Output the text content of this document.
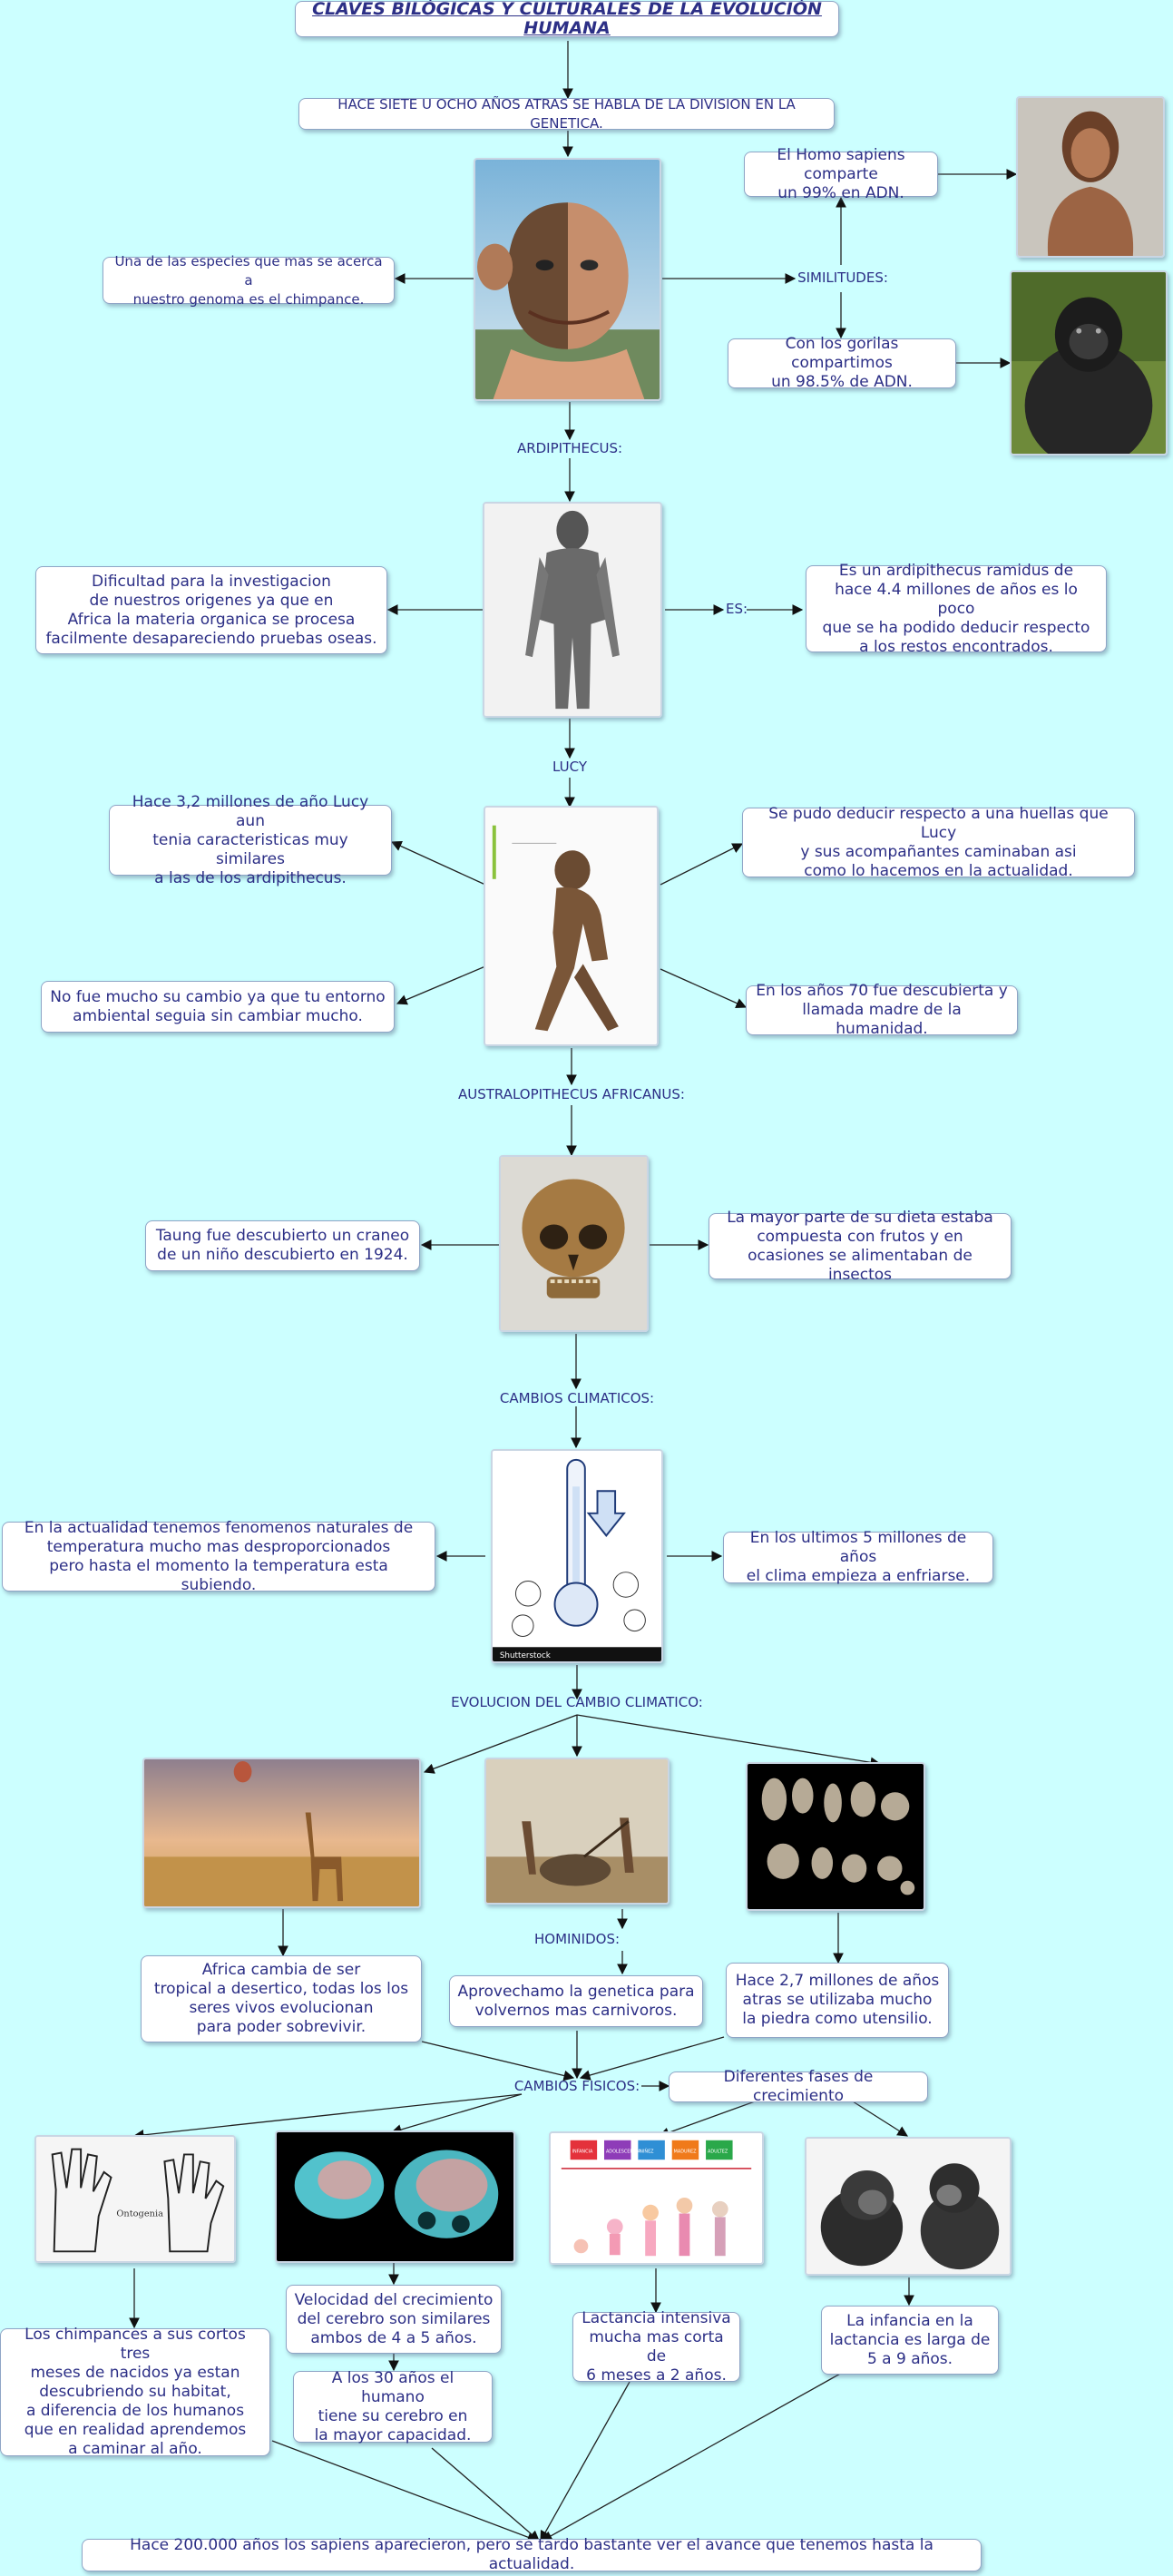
CLAVES BILÓGICAS Y CULTURALES DE LA EVOLUCIÓN HUMANA
HACE SIETE U OCHO AÑOS ATRAS SE HABLA DE LA DIVISION EN LA GENETICA.
El Homo sapiens comparte
un 99% en ADN.
Una de las especies que mas se acerca a
nuestro genoma es el chimpance.
SIMILITUDES:
Con los gorilas compartimos
un 98.5% de ADN.
ARDIPITHECUS:
Dificultad para la investigacion
de nuestros origenes ya que en
Africa la materia organica se procesa
facilmente desapareciendo pruebas oseas.
ES:
Es un ardipithecus ramidus de
hace 4.4 millones de años es lo poco
que se ha podido deducir respecto
a los restos encontrados.
LUCY
Hace 3,2 millones de año Lucy aun
tenia caracteristicas muy similares
a las de los ardipithecus.
Se pudo deducir respecto a una huellas que Lucy
y sus acompañantes caminaban asi
como lo hacemos en la actualidad.
No fue mucho su cambio ya que tu entorno
ambiental seguia sin cambiar mucho.
En los años 70 fue descubierta y
llamada madre de la humanidad.
AUSTRALOPITHECUS AFRICANUS:
Taung fue descubierto un craneo
de un niño descubierto en 1924.
La mayor parte de su dieta estaba
compuesta con frutos y en
ocasiones se alimentaban de insectos
CAMBIOS CLIMATICOS:
En la actualidad tenemos fenomenos naturales de
temperatura mucho mas desproporcionados
pero hasta el momento la temperatura esta subiendo.
En los ultimos 5 millones de años
el clima empieza a enfriarse.
EVOLUCION DEL CAMBIO CLIMATICO:
Africa cambia de ser
tropical a desertico, todas los los
seres vivos evolucionan
para poder sobrevivir.
HOMINIDOS:
Aprovechamo la genetica para
volvernos mas carnivoros.
Hace 2,7 millones de años
atras se utilizaba mucho
la piedra como utensilio.
CAMBIOS FISICOS:	Diferentes fases de crecimiento
Los chimpances a sus cortos tres
meses de nacidos ya estan
descubriendo su habitat,
a diferencia de los humanos
que en realidad aprendemos
a caminar al año.
Velocidad del crecimiento
del cerebro son similares
ambos de 4 a 5 años.
A los 30 años el humano
tiene su cerebro en
la mayor capacidad.
Lactancia intensiva
mucha mas corta de
6 meses a 2 años.
La infancia en la
lactancia es larga de
5 a 9 años.
Hace 200.000 años los sapiens aparecieron, pero se tardo bastante ver el avance que tenemos hasta la actualidad.
Shutterstock
Ontogenia
INFANCIA	ADOLESCENCIA NIÑEZ	MADUREZ	ADULTEZ
